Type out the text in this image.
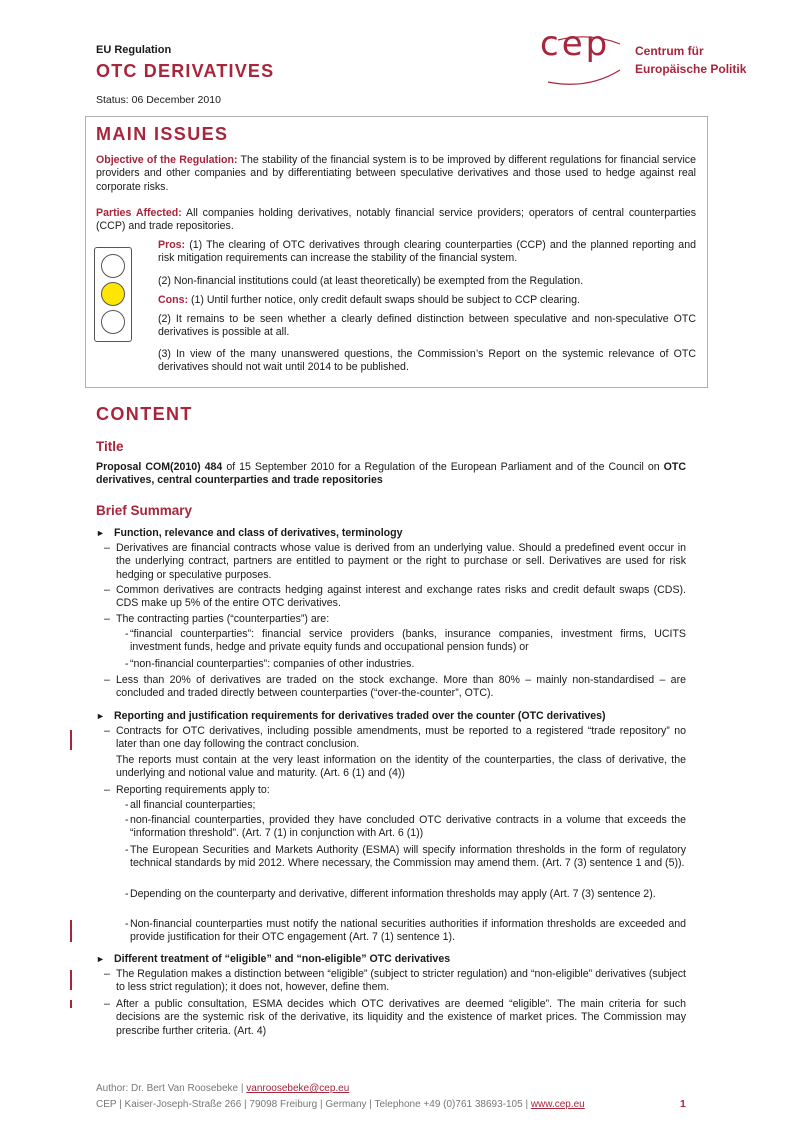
EU Regulation
OTC DERIVATIVES
Status: 06 December 2010
cep Centrum für
Europäische Politik
MAIN ISSUES
Objective of the Regulation: The stability of the financial system is to be improved by different regulations for financial service providers and other companies and by differentiating between speculative derivatives and those used to hedge against real corporate risks.
Parties Affected: All companies holding derivatives, notably financial service providers; operators of central counterparties (CCP) and trade repositories.
Pros: (1) The clearing of OTC derivatives through clearing counterparties (CCP) and the planned reporting and risk mitigation requirements can increase the stability of the financial system.
(2) Non-financial institutions could (at least theoretically) be exempted from the Regulation.
Cons: (1) Until further notice, only credit default swaps should be subject to CCP clearing.
(2) It remains to be seen whether a clearly defined distinction between speculative and non-speculative OTC derivatives is possible at all.
(3) In view of the many unanswered questions, the Commission’s Report on the systemic relevance of OTC derivatives should not wait until 2014 to be published.
CONTENT
Title
Proposal COM(2010) 484 of 15 September 2010 for a Regulation of the European Parliament and of the Council on OTC derivatives, central counterparties and trade repositories
Brief Summary
► Function, relevance and class of derivatives, terminology
– Derivatives are financial contracts whose value is derived from an underlying value. Should a predefined event occur in the underlying contract, partners are entitled to payment or the right to purchase or sell. Derivatives are used for risk hedging or speculative purposes.
– Common derivatives are contracts hedging against interest and exchange rates risks and credit default swaps (CDS). CDS make up 5% of the entire OTC derivatives.
– The contracting parties (“counterparties”) are:
- “financial counterparties”: financial service providers (banks, insurance companies, investment firms, UCITS investment funds, hedge and private equity funds and occupational pension funds) or
- “non-financial counterparties”: companies of other industries.
– Less than 20% of derivatives are traded on the stock exchange. More than 80% – mainly non-standardised – are concluded and traded directly between counterparties (“over-the-counter”, OTC).
► Reporting and justification requirements for derivatives traded over the counter (OTC derivatives)
– Contracts for OTC derivatives, including possible amendments, must be reported to a registered “trade repository” no later than one day following the contract conclusion.
The reports must contain at the very least information on the identity of the counterparties, the class of derivative, the underlying and notional value and maturity. (Art. 6 (1) and (4))
– Reporting requirements apply to:
- all financial counterparties;
- non-financial counterparties, provided they have concluded OTC derivative contracts in a volume that exceeds the “information threshold”. (Art. 7 (1) in conjunction with Art. 6 (1))
- The European Securities and Markets Authority (ESMA) will specify information thresholds in the form of regulatory technical standards by mid 2012. Where necessary, the Commission may amend them. (Art. 7 (3) sentence 1 and (5)).
- Depending on the counterparty and derivative, different information thresholds may apply (Art. 7 (3) sentence 2).
- Non-financial counterparties must notify the national securities authorities if information thresholds are exceeded and provide justification for their OTC engagement (Art. 7 (1) sentence 1).
► Different treatment of “eligible” and “non-eligible” OTC derivatives
– The Regulation makes a distinction between “eligible” (subject to stricter regulation) and “non-eligible” derivatives (subject to less strict regulation); it does not, however, define them.
– After a public consultation, ESMA decides which OTC derivatives are deemed “eligible”. The main criteria for such decisions are the systemic risk of the derivative, its liquidity and the existence of market prices. The Commission may prescribe further criteria. (Art. 4)
Author: Dr. Bert Van Roosebeke | vanroosebeke@cep.eu
CEP | Kaiser-Joseph-Straße 266 | 79098 Freiburg | Germany | Telephone +49 (0)761 38693-105 | www.cep.eu	1
